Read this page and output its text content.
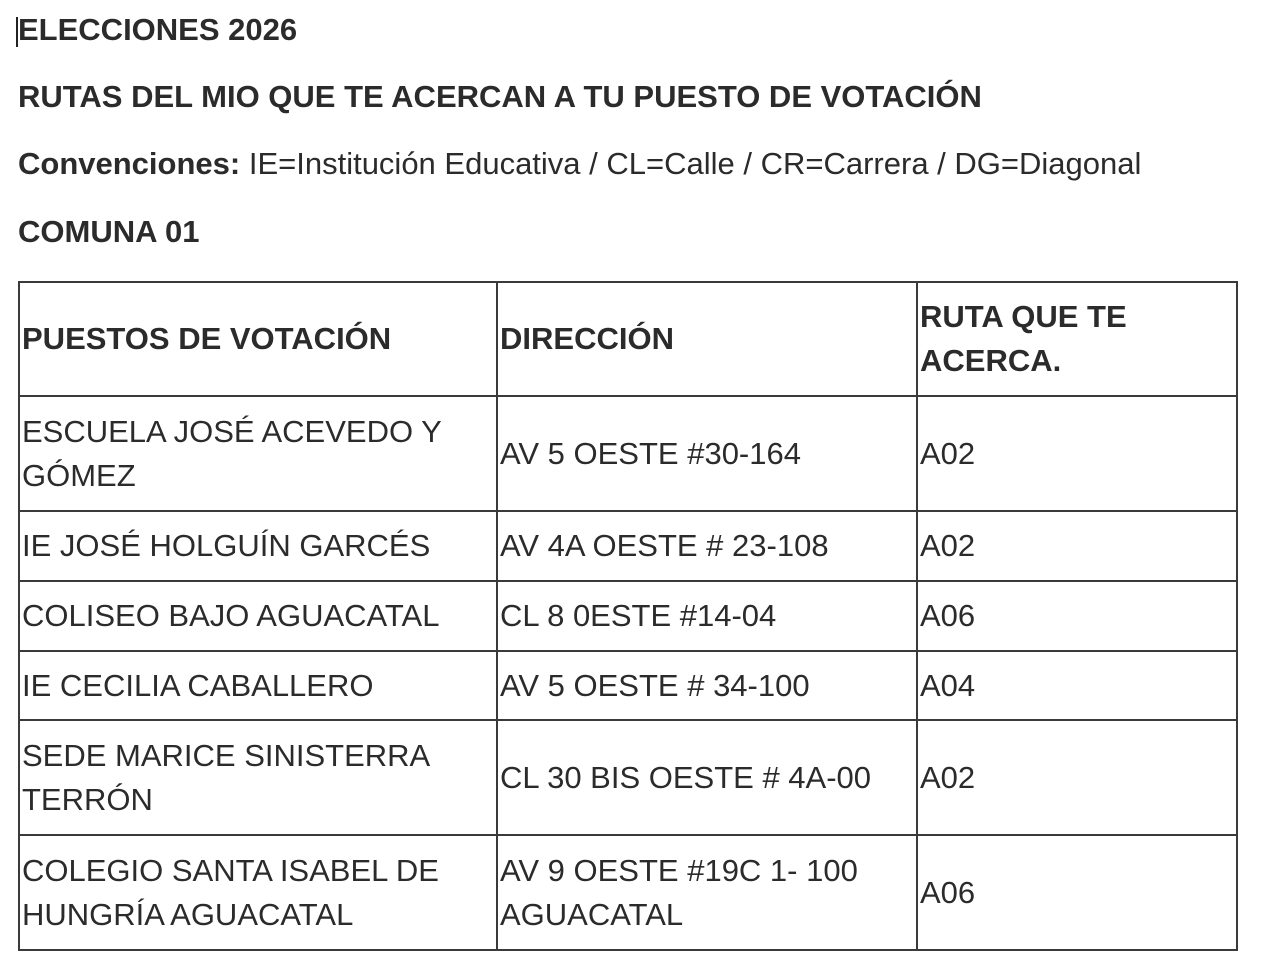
ELECCIONES 2026
RUTAS DEL MIO QUE TE ACERCAN A TU PUESTO DE VOTACIÓN
Convenciones: IE=Institución Educativa / CL=Calle / CR=Carrera / DG=Diagonal
COMUNA 01
PUESTOS DE VOTACIÓN	DIRECCIÓN	RUTA QUE TE ACERCA.
ESCUELA JOSÉ ACEVEDO Y GÓMEZ	AV 5 OESTE #30-164	A02
IE JOSÉ HOLGUÍN GARCÉS	AV 4A OESTE # 23-108	A02
COLISEO BAJO AGUACATAL	CL 8 0ESTE #14-04	A06
IE CECILIA CABALLERO	AV 5 OESTE # 34-100	A04
SEDE MARICE SINISTERRA TERRÓN	CL 30 BIS OESTE # 4A-00	A02
COLEGIO SANTA ISABEL DE HUNGRÍA AGUACATAL	AV 9 OESTE #19C 1- 100 AGUACATAL	A06
